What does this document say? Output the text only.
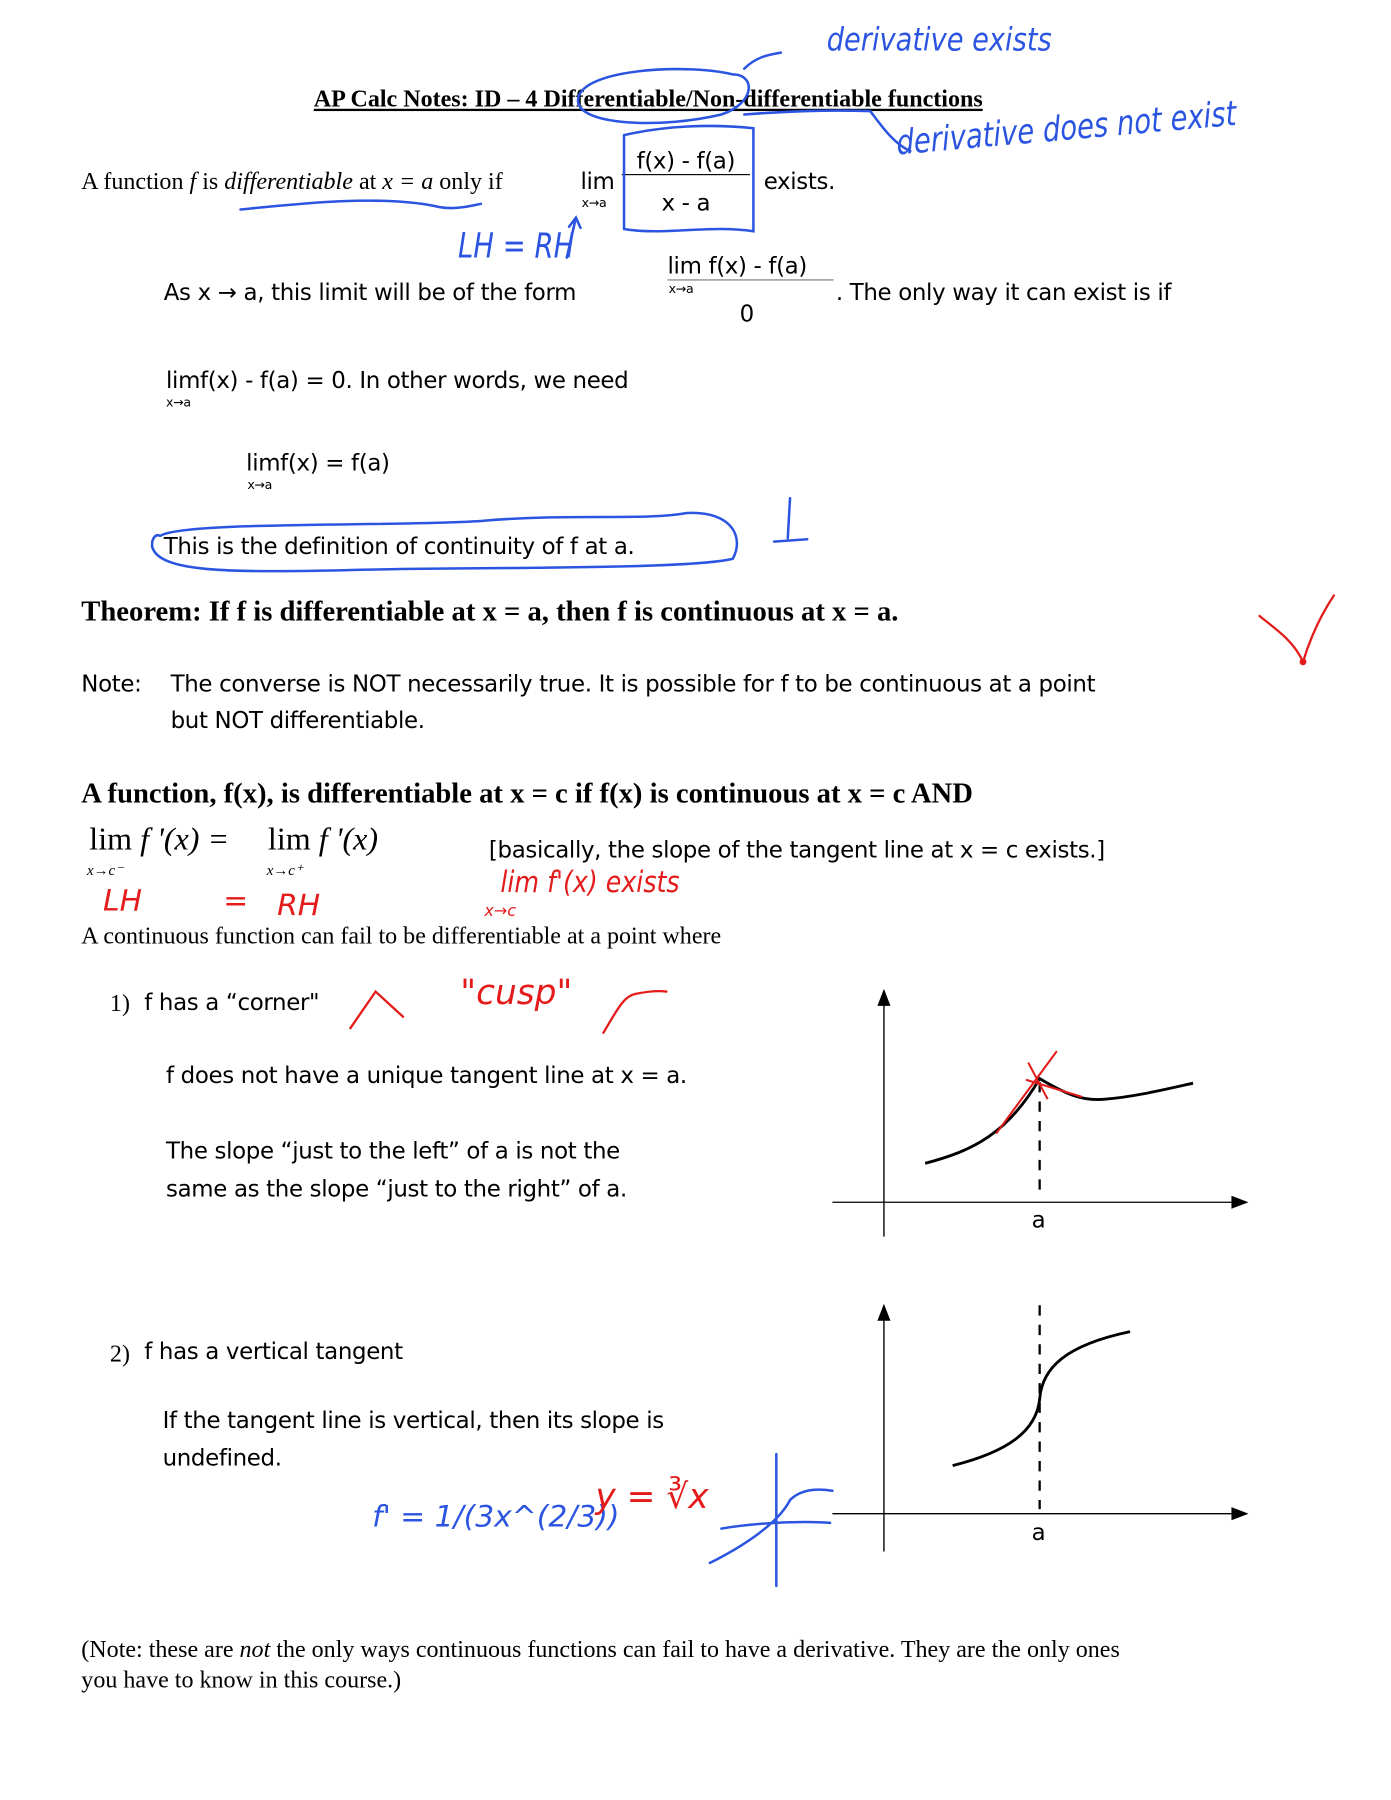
AP Calc Notes: ID – 4 Differentiable/Non-differentiable functions
A function f is differentiable at x = a only if	lim
x→a
f(x) - f(a)
x - a
exists.
As x → a, this limit will be of the form
lim f(x) - f(a)
x→a
0
. The only way it can exist is if
limf(x) - f(a) = 0. In other words, we need
x→a
limf(x) = f(a)
x→a
This is the definition of continuity of f at a.
Theorem: If f is differentiable at x = a, then f is continuous at x = a.
Note: The converse is NOT necessarily true. It is possible for f to be continuous at a point
but NOT differentiable.
A function, f(x), is differentiable at x = c if f(x) is continuous at x = c AND
lim f '(x) =
x→c⁻
lim f '(x)
x→c⁺
[basically, the slope of the tangent line at x = c exists.]
A continuous function can fail to be differentiable at a point where
1) f has a “corner"
f does not have a unique tangent line at x = a.
The slope “just to the left” of a is not the
same as the slope “just to the right” of a.
a
2) f has a vertical tangent
If the tangent line is vertical, then its slope is
undefined.
a
(Note: these are not the only ways continuous functions can fail to have a derivative. They are the only ones
you have to know in this course.)
derivative exists
derivative does not exist
LH = RH
LH	= RH
lim f'(x) exists
x→c
"cusp"
f' = 1/(3x^(2/3))
y = ∛x
